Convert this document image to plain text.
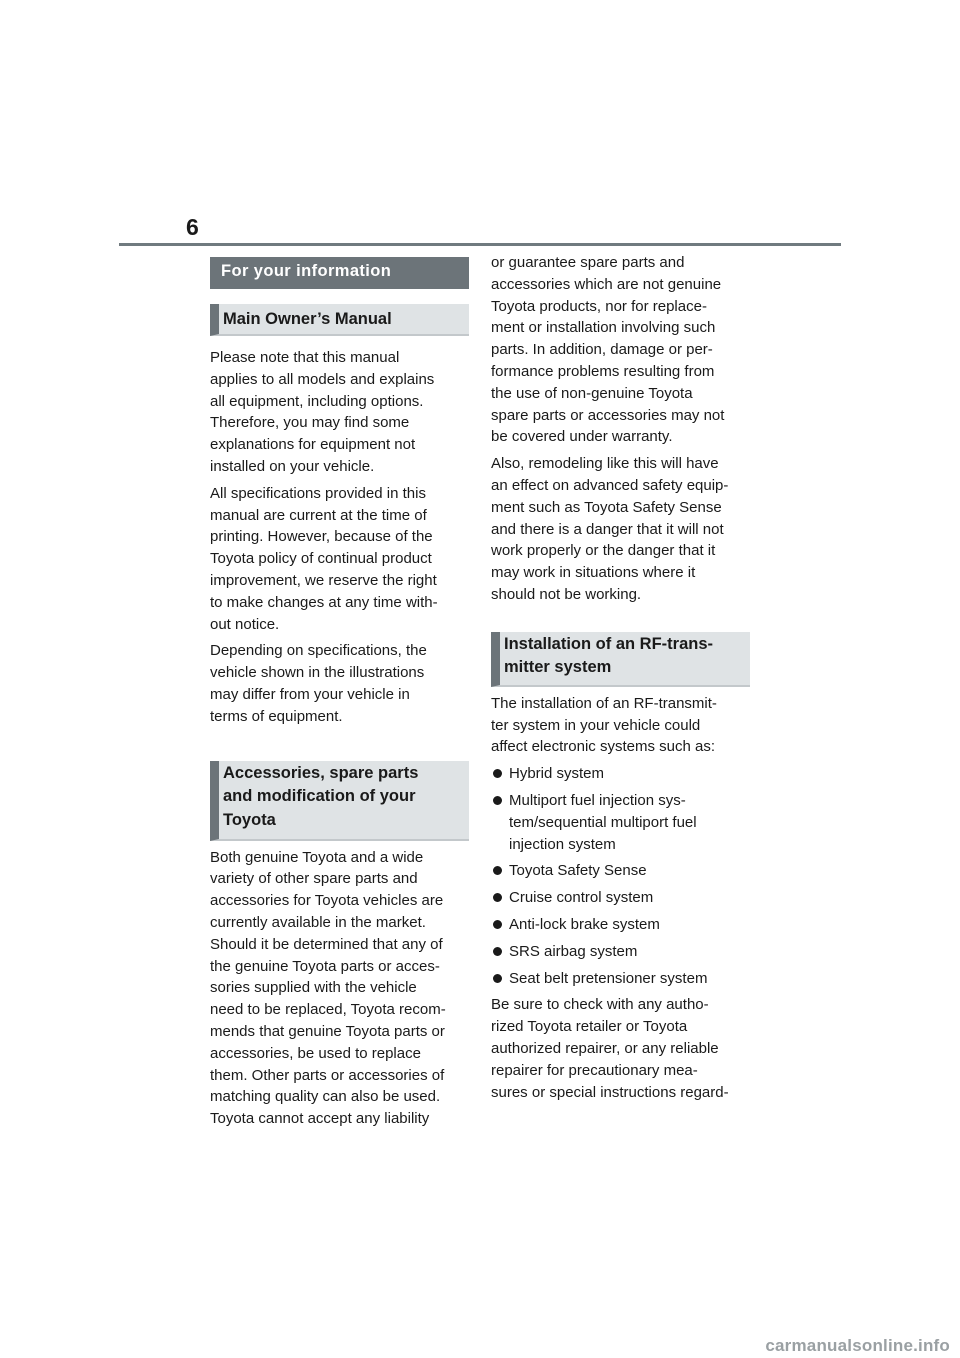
6
For your information
Main Owner’s Manual

Please note that this manual
applies to all models and explains
all equipment, including options.
Therefore, you may find some
explanations for equipment not
installed on your vehicle.

All specifications provided in this
manual are current at the time of
printing. However, because of the
Toyota policy of continual product
improvement, we reserve the right
to make changes at any time with-
out notice.

Depending on specifications, the
vehicle shown in the illustrations
may differ from your vehicle in
terms of equipment.

Accessories, spare parts
and modification of your
Toyota

Both genuine Toyota and a wide
variety of other spare parts and
accessories for Toyota vehicles are
currently available in the market.
Should it be determined that any of
the genuine Toyota parts or acces-
sories supplied with the vehicle
need to be replaced, Toyota recom-
mends that genuine Toyota parts or
accessories, be used to replace
them. Other parts or accessories of
matching quality can also be used.
Toyota cannot accept any liability

or guarantee spare parts and
accessories which are not genuine
Toyota products, nor for replace-
ment or installation involving such
parts. In addition, damage or per-
formance problems resulting from
the use of non-genuine Toyota
spare parts or accessories may not
be covered under warranty.

Also, remodeling like this will have
an effect on advanced safety equip-
ment such as Toyota Safety Sense
and there is a danger that it will not
work properly or the danger that it
may work in situations where it
should not be working.

Installation of an RF-trans-
mitter system

The installation of an RF-transmit-
ter system in your vehicle could
affect electronic systems such as:

Hybrid system
Multiport fuel injection sys-
tem/sequential multiport fuel
injection system
Toyota Safety Sense
Cruise control system
Anti-lock brake system
SRS airbag system
Seat belt pretensioner system

Be sure to check with any autho-
rized Toyota retailer or Toyota
authorized repairer, or any reliable
repairer for precautionary mea-
sures or special instructions regard-

carmanualsonline.info
